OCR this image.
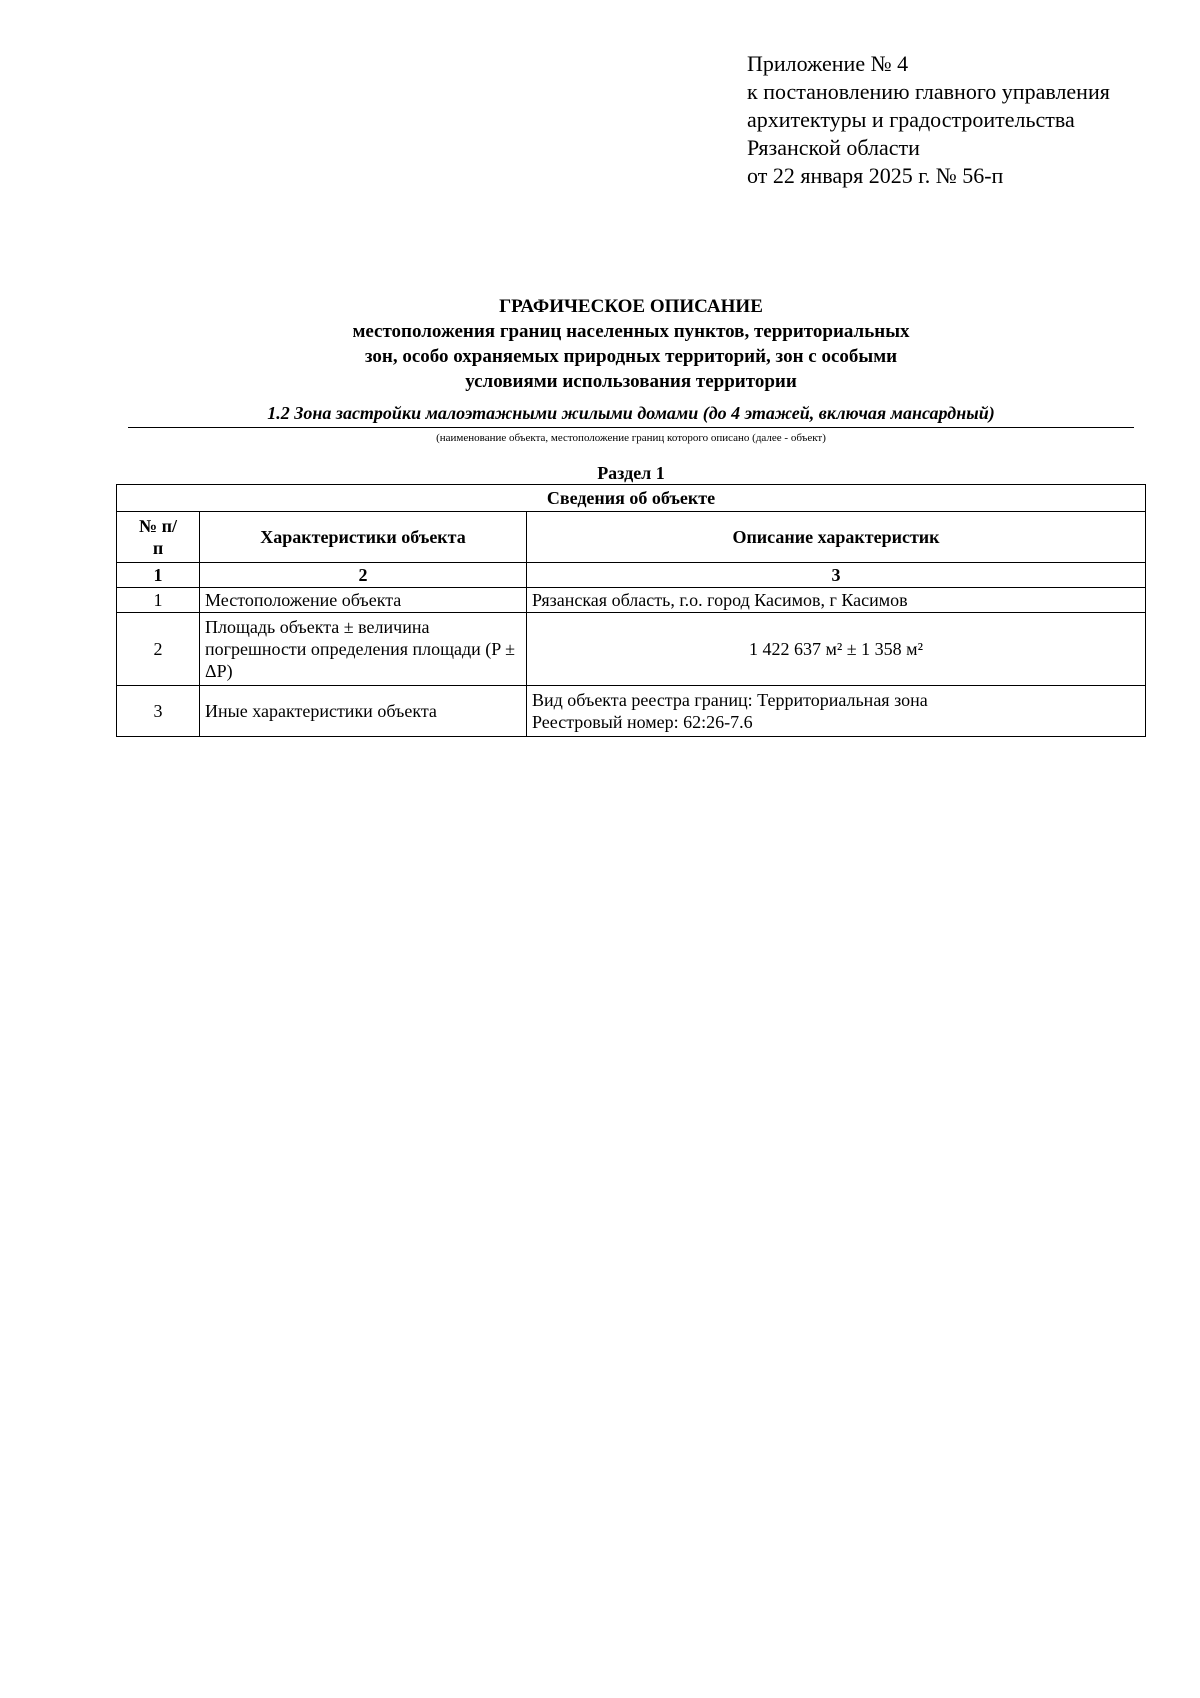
Приложение № 4
к постановлению главного управления
архитектуры и градостроительства
Рязанской области
от 22 января 2025 г. № 56-п
ГРАФИЧЕСКОЕ ОПИСАНИЕ
местоположения границ населенных пунктов, территориальных
зон, особо охраняемых природных территорий, зон с особыми
условиями использования территории
1.2 Зона застройки малоэтажными жилыми домами (до 4 этажей, включая мансардный)
(наименование объекта, местоположение границ которого описано (далее - объект)
Раздел 1
Сведения об объекте		
№ п/п	Характеристики объекта	Описание характеристик
1	2	3
1	Местоположение объекта	Рязанская область, г.о. город Касимов, г Касимов
2	Площадь объекта ± величина погрешности определения площади (P ± ΔP)	1 422 637 м² ± 1 358 м²
3	Иные характеристики объекта	Вид объекта реестра границ: Территориальная зона
Реестровый номер: 62:26-7.6
